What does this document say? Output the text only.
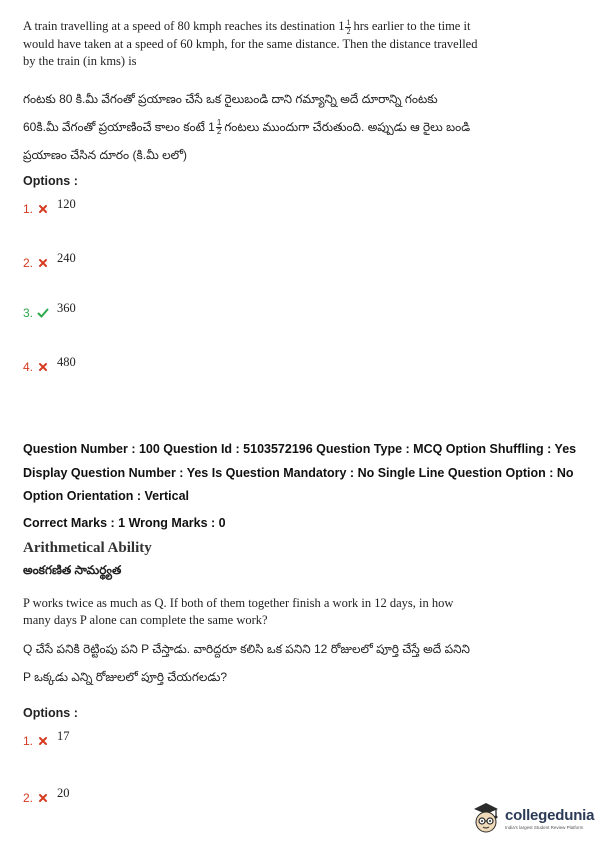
A train travelling at a speed of 80 kmph reaches its destination $1 \frac{1}{2}$ hrs earlier to the time it
would have taken at a speed of 60 kmph, for the same distance. Then the distance travelled
by the train (in kms) is
గంటకు 80 కి.మీ వేగంతో ప్రయాణం చేసే ఒక రైలుబండి దాని గమ్యాన్ని అదే దూరాన్ని గంటకు
60కి.మీ వేగంతో ప్రయాణించే కాలం కంటే $1 \frac{1}{2}$ గంటలు ముందుగా చేరుతుంది. అప్పుడు ఆ రైలు బండి
ప్రయాణం చేసిన దూరం (కి.మీ లలో)
Options :
1.	120
2.	240
3.	360
4.	480
Question Number : 100 Question Id : 5103572196 Question Type : MCQ Option Shuffling : Yes
Display Question Number : Yes Is Question Mandatory : No Single Line Question Option : No
Option Orientation : Vertical
Correct Marks : 1 Wrong Marks : 0
Arithmetical Ability
అంకగణిత సామర్థ్యత
P works twice as much as Q. If both of them together finish a work in 12 days, in how
many days P alone can complete the same work?
Q చేసే పనికి రెట్టింపు పని P చేస్తాడు. వారిద్దరూ కలిసి ఒక పనిని 12 రోజులలో పూర్తి చేస్తే అదే పనిని
P ఒక్కడు ఎన్ని రోజులలో పూర్తి చేయగలడు?
Options :
1.	17
2.	20
collegedunia
India's largest Student Review Platform
